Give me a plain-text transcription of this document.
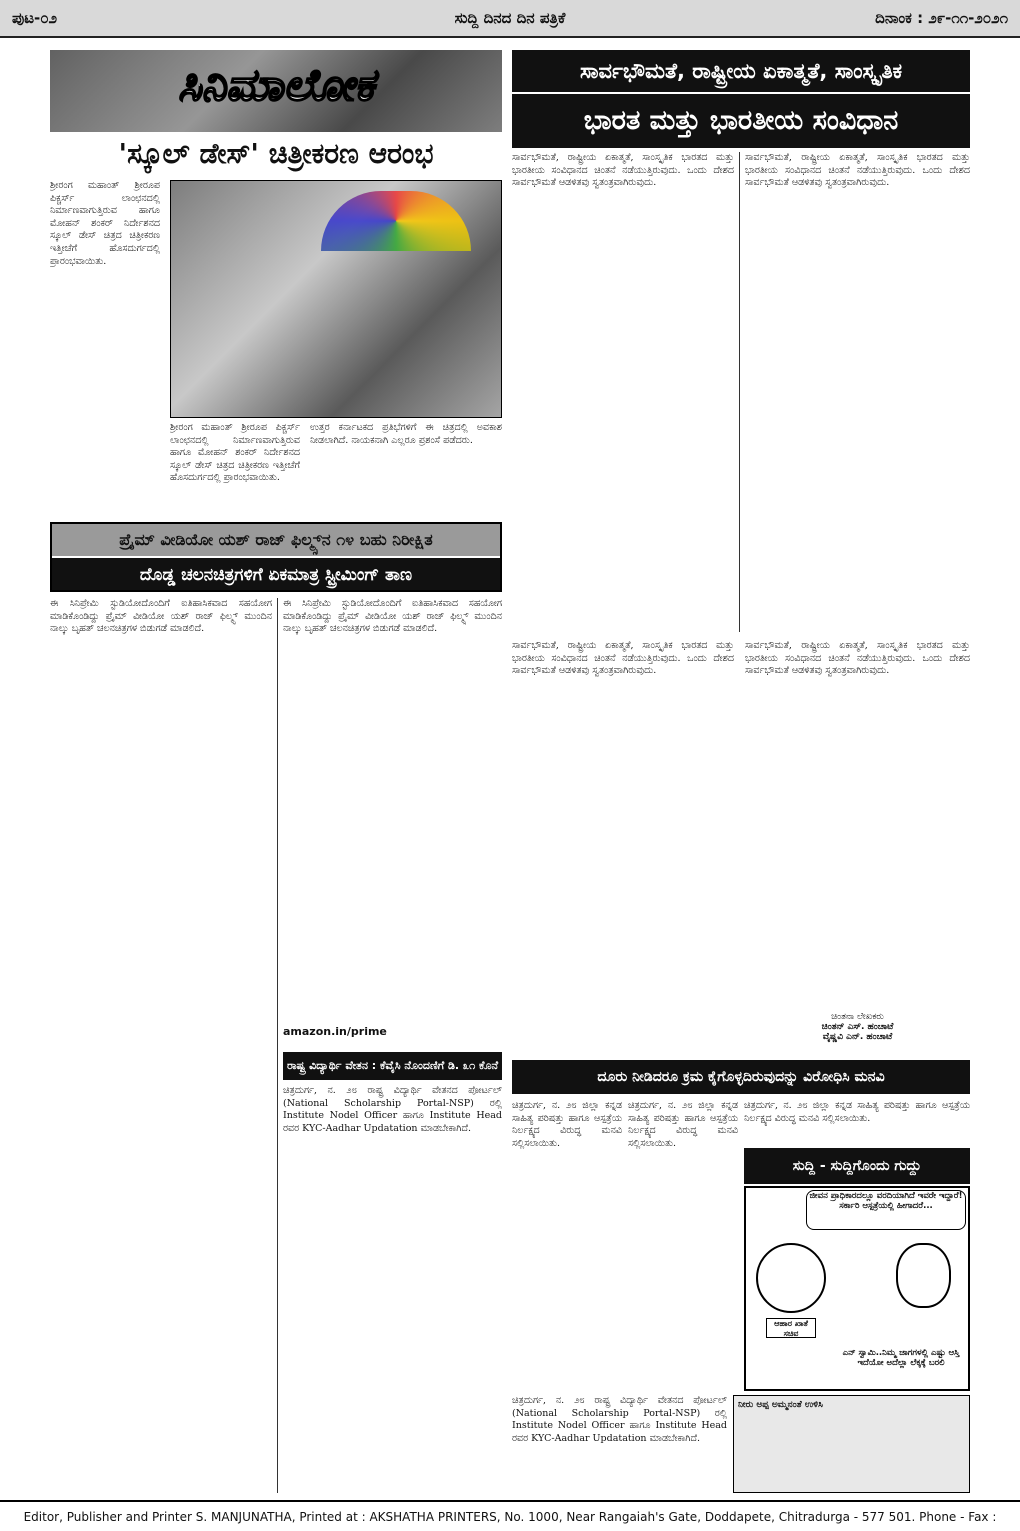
ಪುಟ-೦೨	ಸುದ್ದಿ ದಿನದ ದಿನ ಪತ್ರಿಕೆ	ದಿನಾಂಕ : ೨೯-೧೧-೨೦೨೧
ಸಿನಿಮಾಲೋಕ
'ಸ್ಕೂಲ್ ಡೇಸ್' ಚಿತ್ರೀಕರಣ ಆರಂಭ
ಶ್ರೀರಂಗ ಮಹಾಂತ್ ಶ್ರೀರೂಪ ಪಿಕ್ಚರ್ಸ್ ಲಾಂಛನದಲ್ಲಿ ನಿರ್ಮಾಣವಾಗುತ್ತಿರುವ ಹಾಗೂ ಮೋಹನ್ ಶಂಕರ್ ನಿರ್ದೇಶನದ ಸ್ಕೂಲ್ ಡೇಸ್ ಚಿತ್ರದ ಚಿತ್ರೀಕರಣ ಇತ್ತೀಚೆಗೆ ಹೊಸದುರ್ಗದಲ್ಲಿ ಪ್ರಾರಂಭವಾಯಿತು.
ಶ್ರೀರಂಗ ಮಹಾಂತ್ ಶ್ರೀರೂಪ ಪಿಕ್ಚರ್ಸ್ ಲಾಂಛನದಲ್ಲಿ ನಿರ್ಮಾಣವಾಗುತ್ತಿರುವ ಹಾಗೂ ಮೋಹನ್ ಶಂಕರ್ ನಿರ್ದೇಶನದ ಸ್ಕೂಲ್ ಡೇಸ್ ಚಿತ್ರದ ಚಿತ್ರೀಕರಣ ಇತ್ತೀಚೆಗೆ ಹೊಸದುರ್ಗದಲ್ಲಿ ಪ್ರಾರಂಭವಾಯಿತು.
ಉತ್ತರ ಕರ್ನಾಟಕದ ಪ್ರತಿಭೆಗಳಿಗೆ ಈ ಚಿತ್ರದಲ್ಲಿ ಅವಕಾಶ ನೀಡಲಾಗಿದೆ. ನಾಯಕನಾಗಿ ಎಲ್ಲರೂ ಪ್ರಶಂಸೆ ಪಡೆದರು.
ಸಾರ್ವಭೌಮತೆ, ರಾಷ್ಟ್ರೀಯ ಏಕಾತ್ಮತೆ, ಸಾಂಸ್ಕೃತಿಕ
ಭಾರತ ಮತ್ತು ಭಾರತೀಯ ಸಂವಿಧಾನ
ಸಾರ್ವಭೌಮತೆ, ರಾಷ್ಟ್ರೀಯ ಏಕಾತ್ಮತೆ, ಸಾಂಸ್ಕೃತಿಕ ಭಾರತದ ಮತ್ತು ಭಾರತೀಯ ಸಂವಿಧಾನದ ಚಿಂತನೆ ನಡೆಯುತ್ತಿರುವುದು. ಒಂದು ದೇಶದ ಸಾರ್ವಭೌಮತೆ ಆಡಳಿತವು ಸ್ವತಂತ್ರವಾಗಿರುವುದು.
ಸಾರ್ವಭೌಮತೆ, ರಾಷ್ಟ್ರೀಯ ಏಕಾತ್ಮತೆ, ಸಾಂಸ್ಕೃತಿಕ ಭಾರತದ ಮತ್ತು ಭಾರತೀಯ ಸಂವಿಧಾನದ ಚಿಂತನೆ ನಡೆಯುತ್ತಿರುವುದು. ಒಂದು ದೇಶದ ಸಾರ್ವಭೌಮತೆ ಆಡಳಿತವು ಸ್ವತಂತ್ರವಾಗಿರುವುದು.
ಸಾರ್ವಭೌಮತೆ, ರಾಷ್ಟ್ರೀಯ ಏಕಾತ್ಮತೆ, ಸಾಂಸ್ಕೃತಿಕ ಭಾರತದ ಮತ್ತು ಭಾರತೀಯ ಸಂವಿಧಾನದ ಚಿಂತನೆ ನಡೆಯುತ್ತಿರುವುದು. ಒಂದು ದೇಶದ ಸಾರ್ವಭೌಮತೆ ಆಡಳಿತವು ಸ್ವತಂತ್ರವಾಗಿರುವುದು.
ಸಾರ್ವಭೌಮತೆ, ರಾಷ್ಟ್ರೀಯ ಏಕಾತ್ಮತೆ, ಸಾಂಸ್ಕೃತಿಕ ಭಾರತದ ಮತ್ತು ಭಾರತೀಯ ಸಂವಿಧಾನದ ಚಿಂತನೆ ನಡೆಯುತ್ತಿರುವುದು. ಒಂದು ದೇಶದ ಸಾರ್ವಭೌಮತೆ ಆಡಳಿತವು ಸ್ವತಂತ್ರವಾಗಿರುವುದು.
ಚಿಂತನಾ ಲೇಖಕರು
ಚಿಂತನ್ ಎಸ್. ಹಂಚಾಟೆ
ವೈಷ್ಣವಿ ಎನ್. ಹಂಚಾಟೆ
ಪ್ರೈಮ್ ವೀಡಿಯೋ ಯಶ್ ರಾಜ್ ಫಿಲ್ಮ್ಸ್‌ನ ೧೪ ಬಹು ನಿರೀಕ್ಷಿತ
ದೊಡ್ಡ ಚಲನಚಿತ್ರಗಳಿಗೆ ಏಕಮಾತ್ರ ಸ್ಟ್ರೀಮಿಂಗ್ ತಾಣ
ಈ ಸಿನಿಪ್ರೇಮಿ ಸ್ಟುಡಿಯೋದೊಂದಿಗೆ ಐತಿಹಾಸಿಕವಾದ ಸಹಯೋಗ ಮಾಡಿಕೊಂಡಿದ್ದು ಪ್ರೈಮ್ ವೀಡಿಯೋ ಯಶ್ ರಾಜ್ ಫಿಲ್ಮ್ಸ್ ಮುಂದಿನ ನಾಲ್ಕು ಬೃಹತ್ ಚಲನಚಿತ್ರಗಳ ಬಿಡುಗಡೆ ಮಾಡಲಿದೆ.
ಈ ಸಿನಿಪ್ರೇಮಿ ಸ್ಟುಡಿಯೋದೊಂದಿಗೆ ಐತಿಹಾಸಿಕವಾದ ಸಹಯೋಗ ಮಾಡಿಕೊಂಡಿದ್ದು ಪ್ರೈಮ್ ವೀಡಿಯೋ ಯಶ್ ರಾಜ್ ಫಿಲ್ಮ್ಸ್ ಮುಂದಿನ ನಾಲ್ಕು ಬೃಹತ್ ಚಲನಚಿತ್ರಗಳ ಬಿಡುಗಡೆ ಮಾಡಲಿದೆ.
amazon.in/prime
ರಾಷ್ಟ್ರ ವಿದ್ಯಾರ್ಥಿ ವೇತನ : ಕೆವೈಸಿ ನೊಂದಣಿಗೆ ಡಿ. ೩೧ ಕೊನೆ
ಚಿತ್ರದುರ್ಗ, ನ. ೨೮ ರಾಷ್ಟ್ರ ವಿದ್ಯಾರ್ಥಿ ವೇತನದ ಪೋರ್ಟಲ್ (National Scholarship Portal-NSP) ರಲ್ಲಿ Institute Nodel Officer ಹಾಗೂ Institute Head ರವರ KYC-Aadhar Updatation ಮಾಡಬೇಕಾಗಿದೆ.
ಚಿತ್ರದುರ್ಗ, ನ. ೨೮ ರಾಷ್ಟ್ರ ವಿದ್ಯಾರ್ಥಿ ವೇತನದ ಪೋರ್ಟಲ್ (National Scholarship Portal-NSP) ರಲ್ಲಿ Institute Nodel Officer ಹಾಗೂ Institute Head ರವರ KYC-Aadhar Updatation ಮಾಡಬೇಕಾಗಿದೆ.
ನೀರು ಅಪ್ಪ ಅಮ್ಮನಂತೆ ಉಳಿಸಿ
ದೂರು ನೀಡಿದರೂ ಕ್ರಮ ಕೈಗೊಳ್ಳದಿರುವುದನ್ನು ವಿರೋಧಿಸಿ ಮನವಿ
ಚಿತ್ರದುರ್ಗ, ನ. ೨೮ ಜಿಲ್ಲಾ ಕನ್ನಡ ಸಾಹಿತ್ಯ ಪರಿಷತ್ತು ಹಾಗೂ ಆಸ್ಪತ್ರೆಯ ನಿರ್ಲಕ್ಷ್ಯದ ವಿರುದ್ಧ ಮನವಿ ಸಲ್ಲಿಸಲಾಯಿತು.
ಚಿತ್ರದುರ್ಗ, ನ. ೨೮ ಜಿಲ್ಲಾ ಕನ್ನಡ ಸಾಹಿತ್ಯ ಪರಿಷತ್ತು ಹಾಗೂ ಆಸ್ಪತ್ರೆಯ ನಿರ್ಲಕ್ಷ್ಯದ ವಿರುದ್ಧ ಮನವಿ ಸಲ್ಲಿಸಲಾಯಿತು.
ಚಿತ್ರದುರ್ಗ, ನ. ೨೮ ಜಿಲ್ಲಾ ಕನ್ನಡ ಸಾಹಿತ್ಯ ಪರಿಷತ್ತು ಹಾಗೂ ಆಸ್ಪತ್ರೆಯ ನಿರ್ಲಕ್ಷ್ಯದ ವಿರುದ್ಧ ಮನವಿ ಸಲ್ಲಿಸಲಾಯಿತು.
ಸುದ್ದಿ - ಸುದ್ದಿಗೊಂದು ಗುದ್ದು
ಜೀವನ ಪ್ರಾಧಿಕಾರದಲ್ಲೂ ವರದಿಯಾಗಿದೆ ಇವರೇ ಇದ್ದಾರೆ! ಸರ್ಕಾರಿ ಆಸ್ಪತ್ರೆಯಲ್ಲಿ ಹೀಗಾದರೆ...
ಆಹಾರ ಖಾತೆ ಸಚಿವ
ಎನ್ ಸ್ವಾಮಿ..ನಿಮ್ಮ ಜಾಗಗಳಲ್ಲಿ ಎಷ್ಟು ಆಸ್ತಿ ಇದೆಯೋ ಅದೆಲ್ಲಾ ಲೆಕ್ಕಕ್ಕೆ ಬರಲಿ
Editor, Publisher and Printer S. MANJUNATHA, Printed at : AKSHATHA PRINTERS, No. 1000, Near Rangaiah's Gate, Doddapete, Chitradurga - 577 501. Phone - Fax :
